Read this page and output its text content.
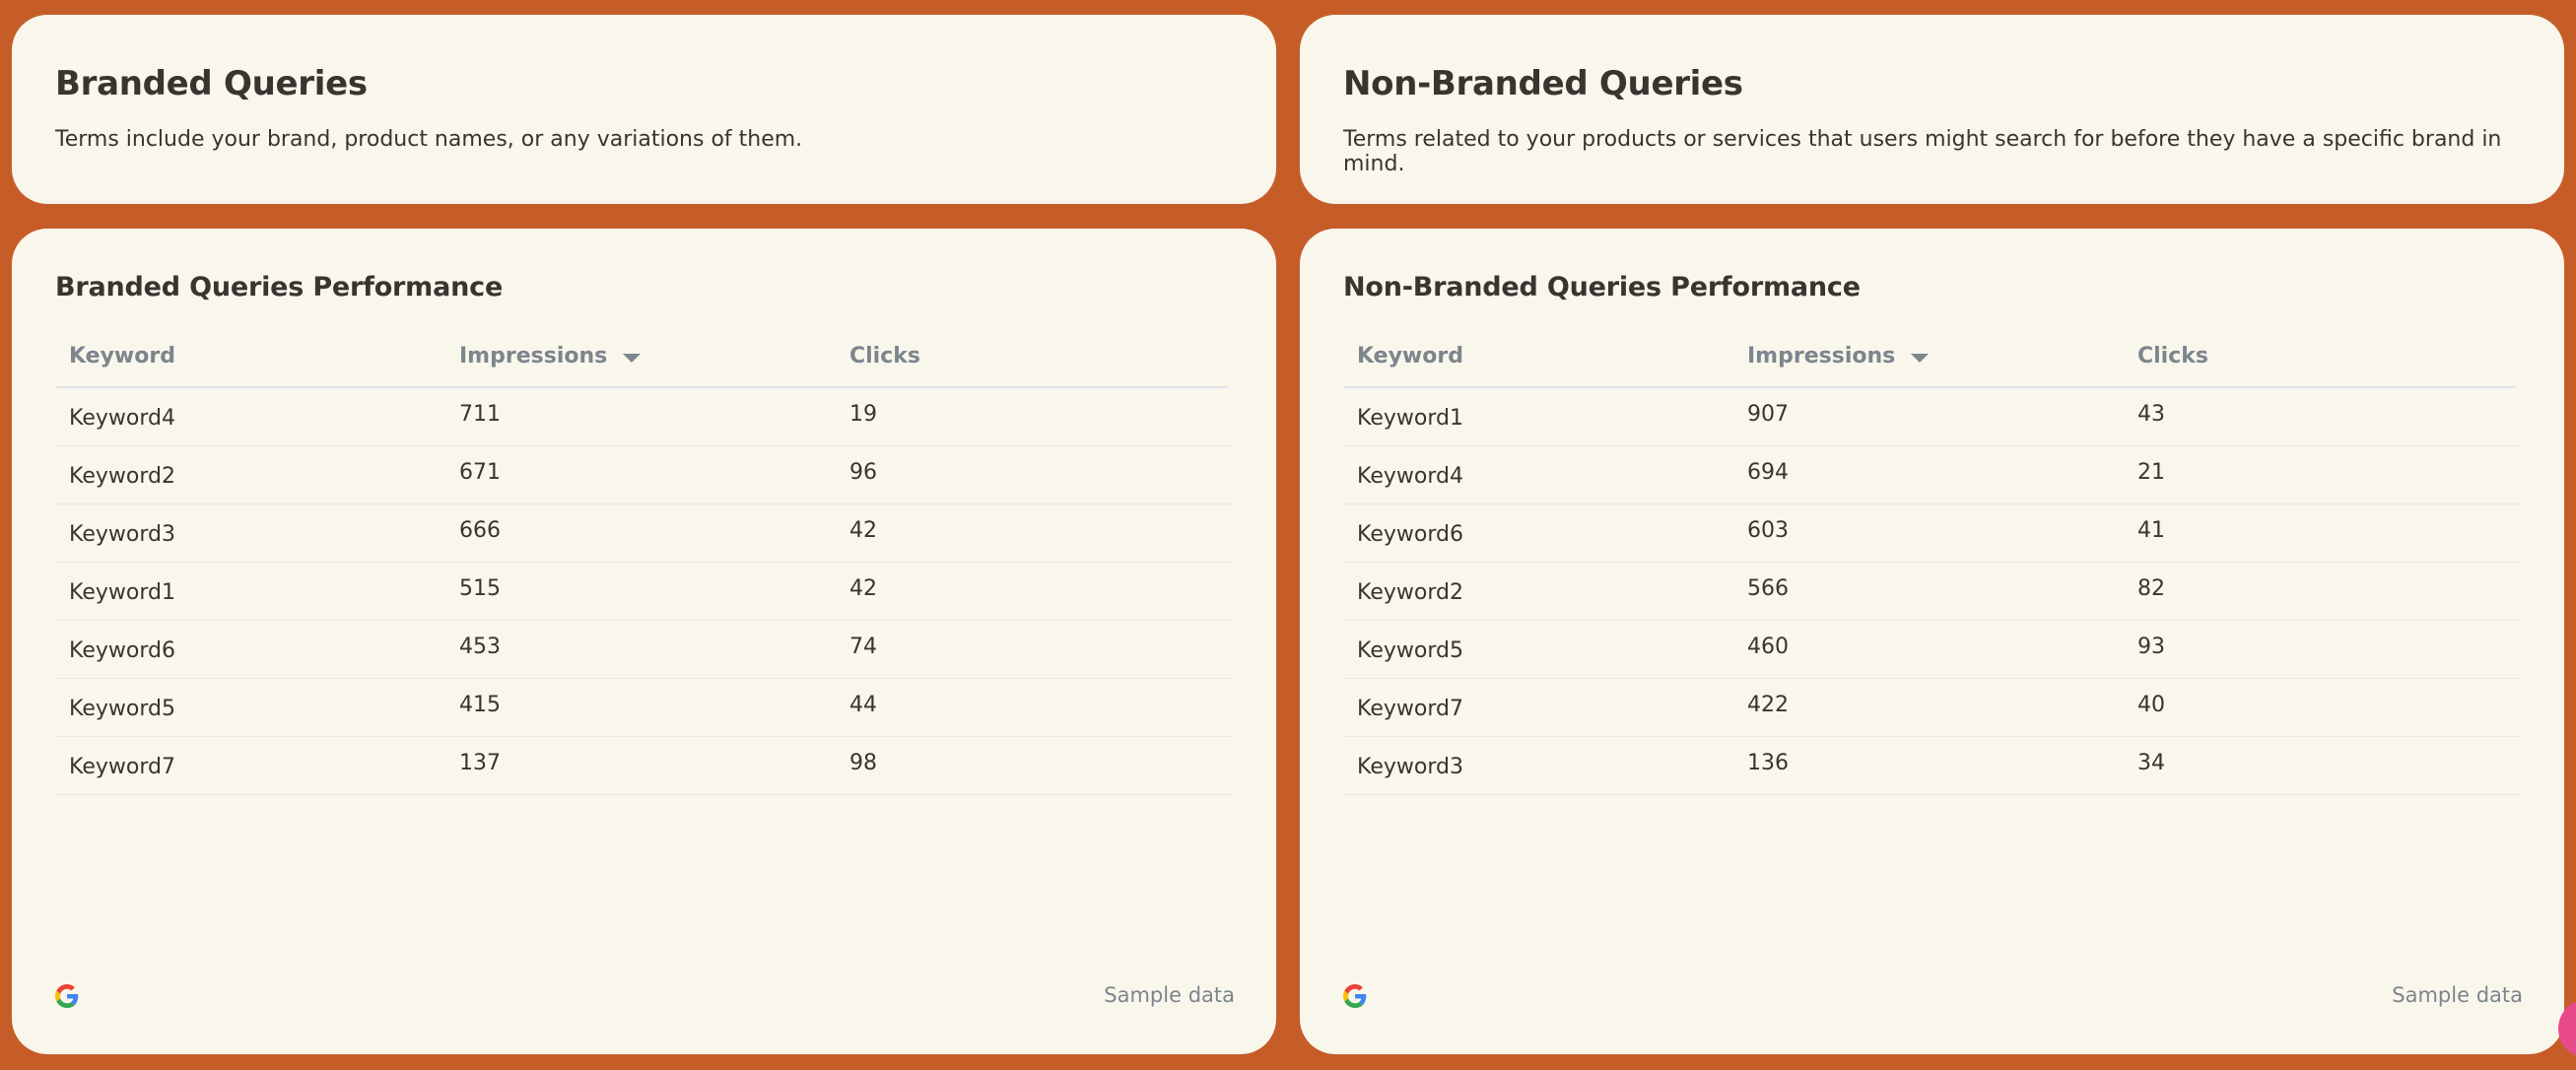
Branded Queries

Terms include your brand, product names, or any variations of them.

Non-Branded Queries

Terms related to your products or services that users might search for before they have a specific brand in mind.

Branded Queries Performance
Keyword	Impressions	Clicks
Keyword4	711	19
Keyword2	671	96
Keyword3	666	42
Keyword1	515	42
Keyword6	453	74
Keyword5	415	44
Keyword7	137	98

Sample data

Non-Branded Queries Performance
Keyword	Impressions	Clicks
Keyword1	907	43
Keyword4	694	21
Keyword6	603	41
Keyword2	566	82
Keyword5	460	93
Keyword7	422	40
Keyword3	136	34

Sample data
